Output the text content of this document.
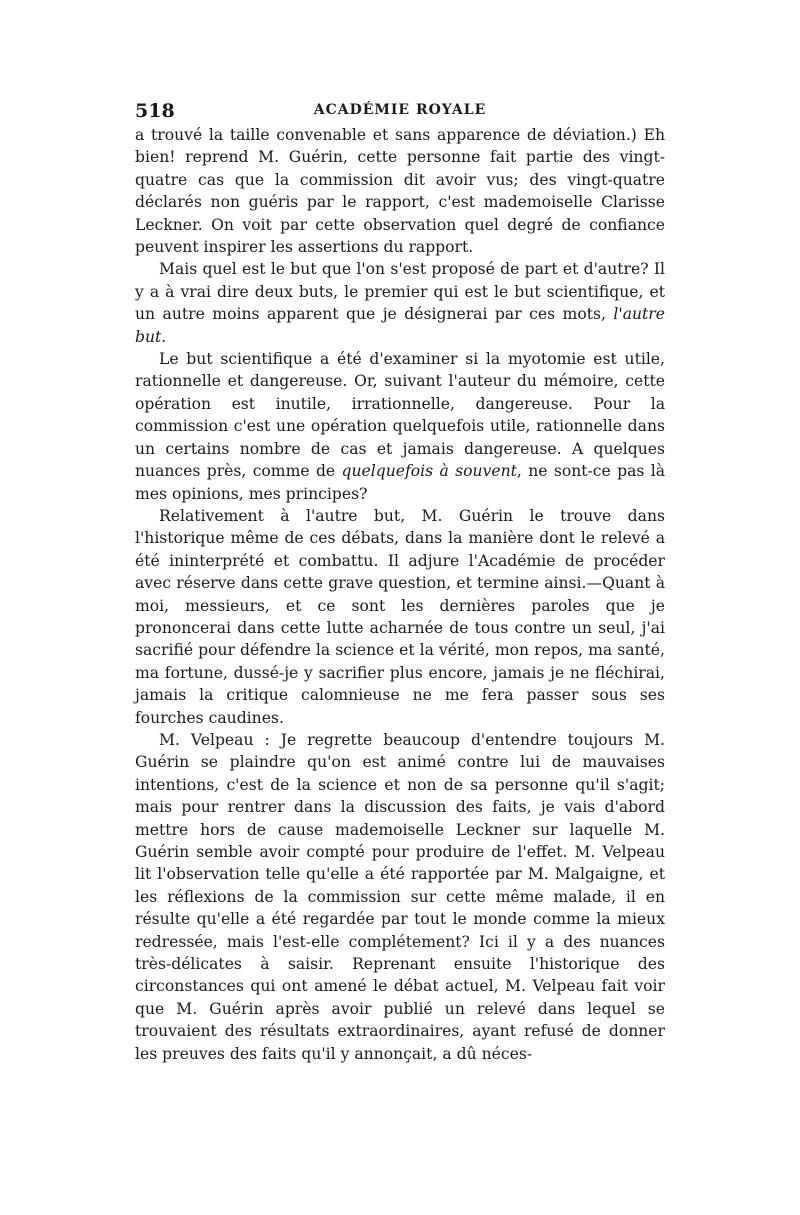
518	ACADÉMIE ROYALE

a trouvé la taille convenable et sans apparence de déviation.) Eh bien! reprend M. Guérin, cette personne fait partie des vingt-quatre cas que la commission dit avoir vus; des vingt-quatre déclarés non guéris par le rapport, c'est mademoiselle Clarisse Leckner. On voit par cette observation quel degré de confiance peuvent inspirer les assertions du rapport.

Mais quel est le but que l'on s'est proposé de part et d'autre? Il y a à vrai dire deux buts, le premier qui est le but scientifique, et un autre moins apparent que je désignerai par ces mots, l'autre but.

Le but scientifique a été d'examiner si la myotomie est utile, rationnelle et dangereuse. Or, suivant l'auteur du mémoire, cette opération est inutile, irrationnelle, dangereuse. Pour la commission c'est une opération quelquefois utile, rationnelle dans un certains nombre de cas et jamais dangereuse. A quelques nuances près, comme de quelquefois à souvent, ne sont-ce pas là mes opinions, mes principes?

Relativement à l'autre but, M. Guérin le trouve dans l'historique même de ces débats, dans la manière dont le relevé a été ininterprété et combattu. Il adjure l'Académie de procéder avec réserve dans cette grave question, et termine ainsi.—Quant à moi, messieurs, et ce sont les dernières paroles que je prononcerai dans cette lutte acharnée de tous contre un seul, j'ai sacrifié pour défendre la science et la vérité, mon repos, ma santé, ma fortune, dussé-je y sacrifier plus encore, jamais je ne fléchirai, jamais la critique calomnieuse ne me fera passer sous ses fourches caudines.

M. Velpeau : Je regrette beaucoup d'entendre toujours M. Guérin se plaindre qu'on est animé contre lui de mauvaises intentions, c'est de la science et non de sa personne qu'il s'agit; mais pour rentrer dans la discussion des faits, je vais d'abord mettre hors de cause mademoiselle Leckner sur laquelle M. Guérin semble avoir compté pour produire de l'effet. M. Velpeau lit l'observation telle qu'elle a été rapportée par M. Malgaigne, et les réflexions de la commission sur cette même malade, il en résulte qu'elle a été regardée par tout le monde comme la mieux redressée, mais l'est-elle complétement? Ici il y a des nuances très-délicates à saisir. Reprenant ensuite l'historique des circonstances qui ont amené le débat actuel, M. Velpeau fait voir que M. Guérin après avoir publié un relevé dans lequel se trouvaient des résultats extraordinaires, ayant refusé de donner les preuves des faits qu'il y annonçait, a dû néces-
